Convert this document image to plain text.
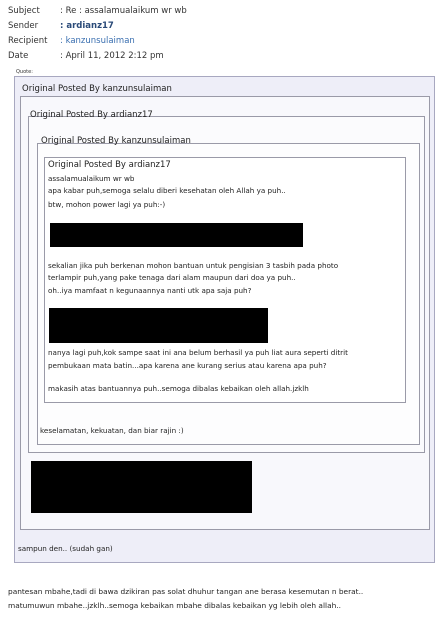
Subject	: Re : assalamualaikum wr wb
Sender	: ardianz17
Recipient	: kanzunsulaiman
Date	: April 11, 2012 2:12 pm
Quote:
Original Posted By kanzunsulaiman
Original Posted By ardianz17
Original Posted By kanzunsulaiman
Original Posted By ardianz17
assalamualaikum wr wb
apa kabar puh,semoga selalu diberi kesehatan oleh Allah ya puh..
btw, mohon power lagi ya puh:-)
sekalian jika puh berkenan mohon bantuan untuk pengisian 3 tasbih pada photo
terlampir puh,yang pake tenaga dari alam maupun dari doa ya puh..
oh..iya mamfaat n kegunaannya nanti utk apa saja puh?
nanya lagi puh,kok sampe saat ini ana belum berhasil ya puh liat aura seperti ditrit
pembukaan mata batin...apa karena ane kurang serius atau karena apa puh?
makasih atas bantuannya puh..semoga dibalas kebaikan oleh allah.jzklh
keselamatan, kekuatan, dan biar rajin :)
sampun den.. (sudah gan)
pantesan mbahe,tadi di bawa dzikiran pas solat dhuhur tangan ane berasa kesemutan n berat..
matumuwun mbahe..jzklh..semoga kebaikan mbahe dibalas kebaikan yg lebih oleh allah..
